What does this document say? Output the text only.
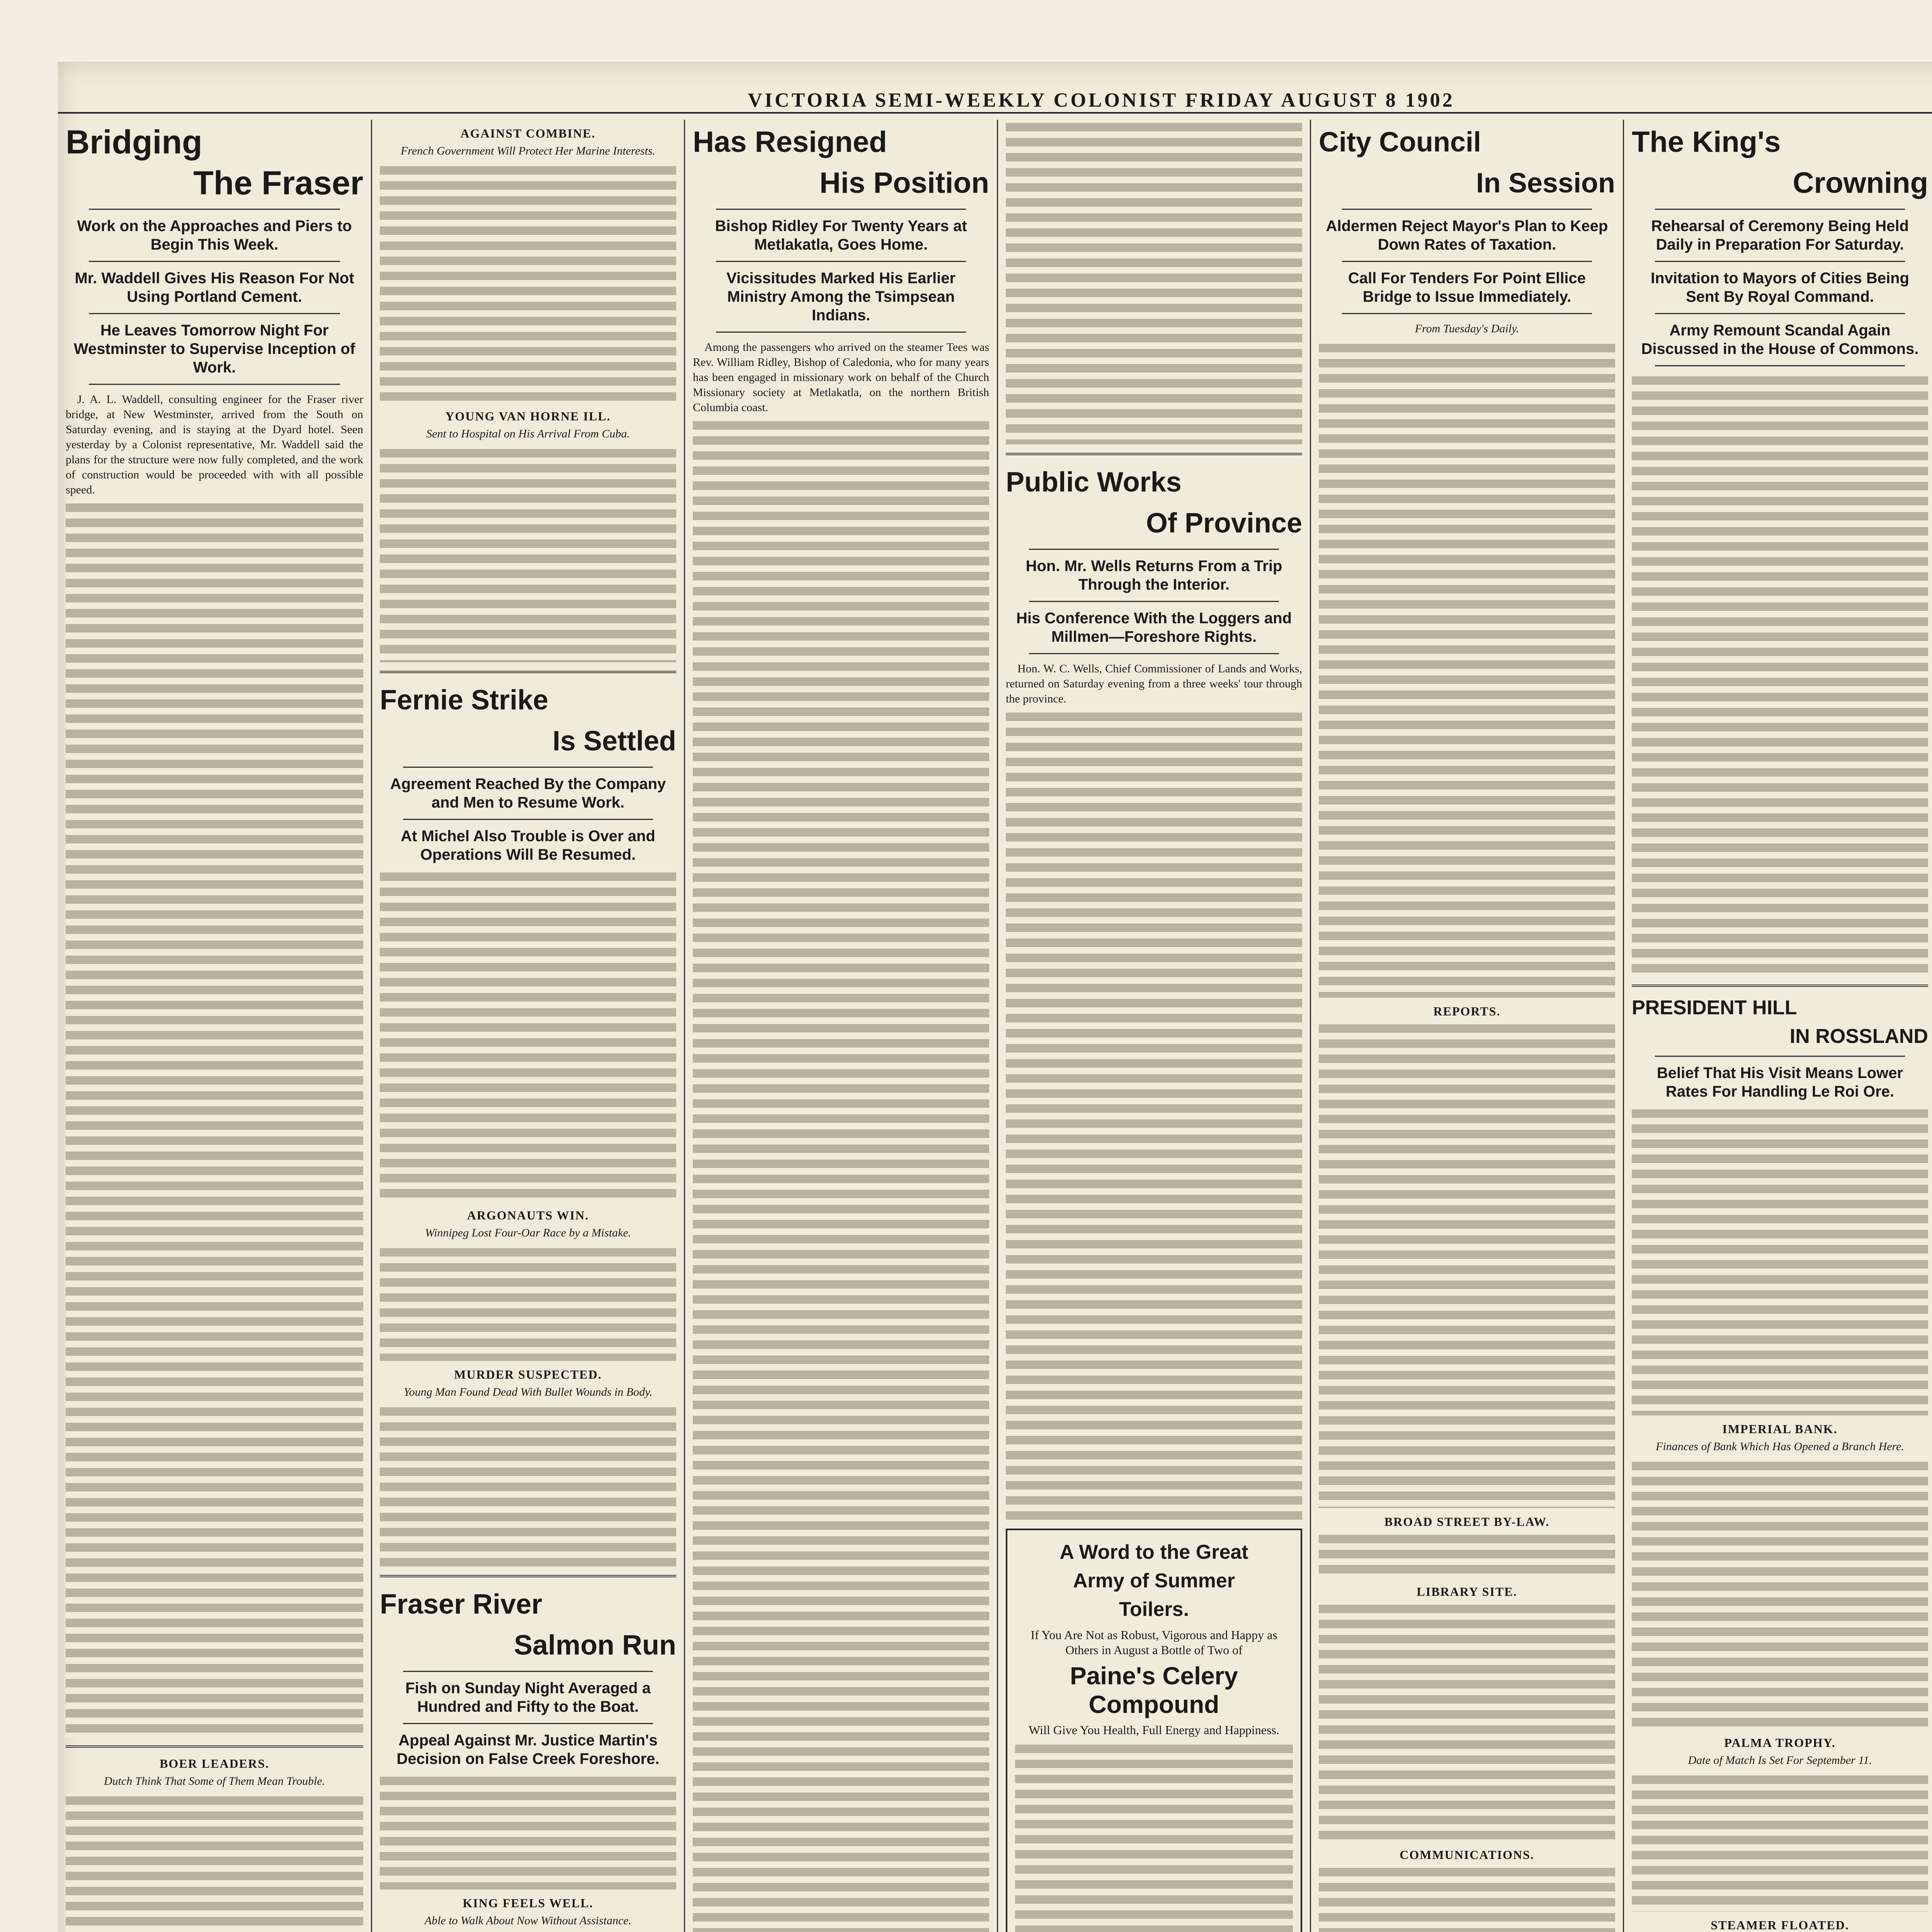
VICTORIA SEMI-WEEKLY COLONIST FRIDAY AUGUST 8 1902
Bridging
The Fraser
Work on the Approaches and Piers to Begin This Week.
Mr. Waddell Gives His Reason For Not Using Portland Cement.
He Leaves Tomorrow Night For Westminster to Supervise Inception of Work.

J. A. L. Waddell, consulting engineer for the Fraser river bridge, at New Westminster, arrived from the South on Saturday evening, and is staying at the Dyard hotel. Seen yesterday by a Colonist representative, Mr. Waddell said the plans for the structure were now fully completed, and the work of construction would be proceeded with with all possible speed.

BOER LEADERS.
Dutch Think That Some of Them Mean Trouble.
AGAINST COMBINE.
French Government Will Protect Her Marine Interests.
YOUNG VAN HORNE ILL.
Sent to Hospital on His Arrival From Cuba.
Fernie Strike
Is Settled
Agreement Reached By the Company and Men to Resume Work.
At Michel Also Trouble is Over and Operations Will Be Resumed.
ARGONAUTS WIN.
Winnipeg Lost Four-Oar Race by a Mistake.
MURDER SUSPECTED.
Young Man Found Dead With Bullet Wounds in Body.
Fraser River
Salmon Run
Fish on Sunday Night Averaged a Hundred and Fifty to the Boat.
Appeal Against Mr. Justice Martin's Decision on False Creek Foreshore.
KING FEELS WELL.
Able to Walk About Now Without Assistance.
Has Resigned
His Position
Bishop Ridley For Twenty Years at Metlakatla, Goes Home.
Vicissitudes Marked His Earlier Ministry Among the Tsimpsean Indians.

Among the passengers who arrived on the steamer Tees was Rev. William Ridley, Bishop of Caledonia, who for many years has been engaged in missionary work on behalf of the Church Missionary society at Metlakatla, on the northern British Columbia coast.

Public Works
Of Province
Hon. Mr. Wells Returns From a Trip Through the Interior.
His Conference With the Loggers and Millmen—Foreshore Rights.

Hon. W. C. Wells, Chief Commissioner of Lands and Works, returned on Saturday evening from a three weeks' tour through the province.

A Word to the Great
Army of Summer
Toilers.
If You Are Not as Robust, Vigorous and Happy as Others in August a Bottle of Two of
Paine's Celery
Compound
Will Give You Health, Full Energy and Happiness.
City Council
In Session
Aldermen Reject Mayor's Plan to Keep Down Rates of Taxation.
Call For Tenders For Point Ellice Bridge to Issue Immediately.
From Tuesday's Daily.
REPORTS.
BROAD STREET BY-LAW.
LIBRARY SITE.
COMMUNICATIONS.
The King's
Crowning
Rehearsal of Ceremony Being Held Daily in Preparation For Saturday.
Invitation to Mayors of Cities Being Sent By Royal Command.
Army Remount Scandal Again Discussed in the House of Commons.
PRESIDENT HILL
IN ROSSLAND
Belief That His Visit Means Lower Rates For Handling Le Roi Ore.
IMPERIAL BANK.
Finances of Bank Which Has Opened a Branch Here.
PALMA TROPHY.
Date of Match Is Set For September 11.
STEAMER FLOATED.
